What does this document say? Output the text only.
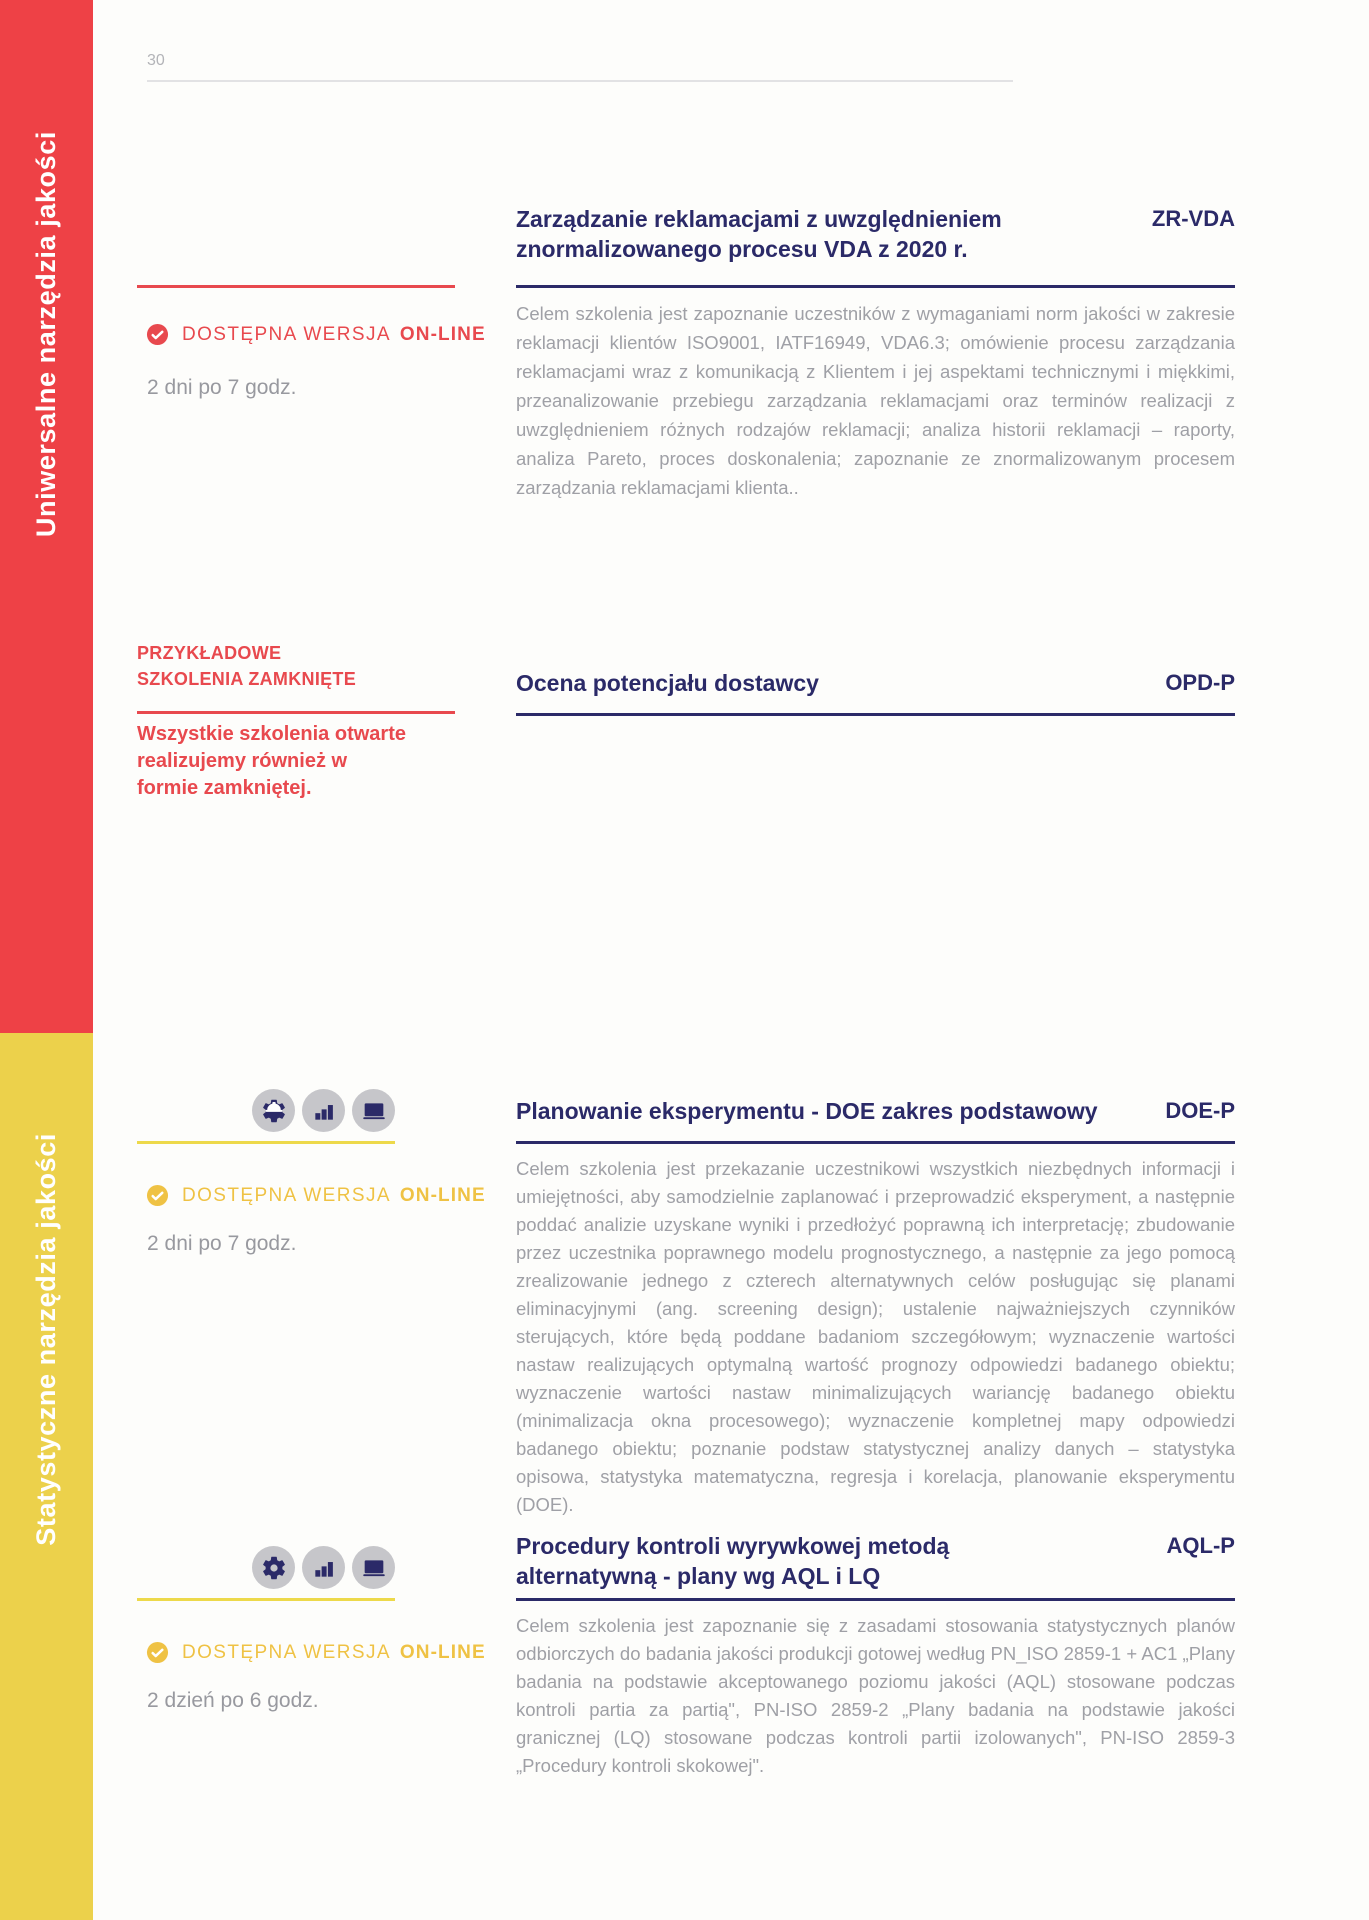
Uniwersalne narzędzia jakości
Statystyczne narzędzia jakości
30
Zarządzanie reklamacjami z uwzględnieniem znormalizowanego procesu VDA z 2020 r.
ZR-VDA
Celem szkolenia jest zapoznanie uczestników z wymaganiami norm jakości w zakresie reklamacji klientów ISO9001, IATF16949, VDA6.3; omówienie procesu zarządzania reklamacjami wraz z komunikacją z Klientem i jej aspektami technicznymi i miękkimi, przeanalizowanie przebiegu zarządzania reklamacjami oraz terminów realizacji z uwzględnieniem różnych rodzajów reklamacji; analiza historii reklamacji – raporty, analiza Pareto, proces doskonalenia; zapoznanie ze znormalizowanym procesem zarządzania reklamacjami klienta..
DOSTĘPNA WERSJA ON-LINE
2 dni po 7 godz.
PRZYKŁADOWE
SZKOLENIA ZAMKNIĘTE
Wszystkie szkolenia otwarte realizujemy również w formie zamkniętej.
Ocena potencjału dostawcy	OPD-P
Planowanie eksperymentu - DOE zakres podstawowy	DOE-P
Celem szkolenia jest przekazanie uczestnikowi wszystkich niezbędnych informacji i umiejętności, aby samodzielnie zaplanować i przeprowadzić eksperyment, a następnie poddać analizie uzyskane wyniki i przedłożyć poprawną ich interpretację; zbudowanie przez uczestnika poprawnego modelu prognostycznego, a następnie za jego pomocą zrealizowanie jednego z czterech alternatywnych celów posługując się planami eliminacyjnymi (ang. screening design); ustalenie najważniejszych czynników sterujących, które będą poddane badaniom szczegółowym; wyznaczenie wartości nastaw realizujących optymalną wartość prognozy odpowiedzi badanego obiektu; wyznaczenie wartości nastaw minimalizujących wariancję badanego obiektu (minimalizacja okna procesowego); wyznaczenie kompletnej mapy odpowiedzi badanego obiektu; poznanie podstaw statystycznej analizy danych – statystyka opisowa, statystyka matematyczna, regresja i korelacja, planowanie eksperymentu (DOE).
DOSTĘPNA WERSJA ON-LINE
2 dni po 7 godz.
Procedury kontroli wyrywkowej metodą alternatywną - plany wg AQL i LQ
AQL-P
Celem szkolenia jest zapoznanie się z zasadami stosowania statystycznych planów odbiorczych do badania jakości produkcji gotowej według PN_ISO 2859-1 + AC1 „Plany badania na podstawie akceptowanego poziomu jakości (AQL) stosowane podczas kontroli partia za partią", PN-ISO 2859-2 „Plany badania na podstawie jakości granicznej (LQ) stosowane podczas kontroli partii izolowanych", PN-ISO 2859-3 „Procedury kontroli skokowej".
DOSTĘPNA WERSJA ON-LINE
2 dzień po 6 godz.
